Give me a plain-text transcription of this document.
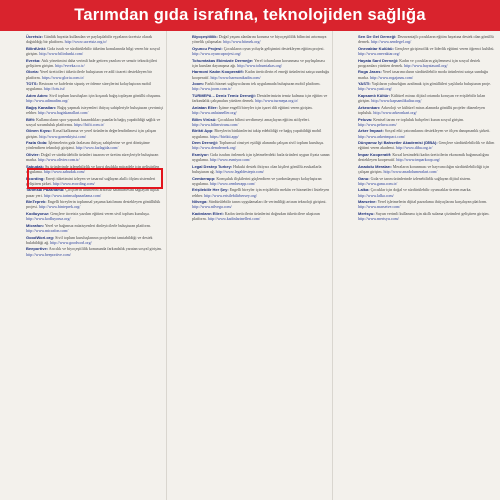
Tarımdan gıda israfına, teknolojiden sağlığa
Ücretsiz: Günlük hayatta kullanılan ve paylaşılabilir eşyaların ücretsiz olarak dağıtıldığı bir platform. http://www.ucretsiz.org.tr/
BilirdUnki: Gıda israfı ve sürdürülebilir tüketim konularında bilgi veren bir sosyal girişim. http://www.bilirdunki.com/
Evreka: Atık yönetimini daha verimli hale getiren yazılım ve sensör teknolojileri geliştiren girişim. http://evreka.co.tr/
Gloria: Yerel üreticileri tüketicilerle buluşturan ve adil ticareti destekleyen bir platform. https://www.gloria.com.tr/
TOTS: Restoran ve kafelerin sipariş ve ödeme süreçlerini kolaylaştıran mobil uygulama. http://tots.ist/
Adım Adım: Sivil toplum kuruluşları için koşarak bağış toplayan gönüllü oluşumu. http://www.adimadim.org/
Bağış Kanalları: Bağış yapmak isteyenleri ihtiyaç sahipleriyle buluşturan çevrimiçi rehber. http://www.bagiskanallari.com/
Bifit: Kullanıcıların spor yaparak kazandıkları puanlarla bağış yapabildiği sağlık ve sosyal sorumluluk platformu. https://bifit.com.tr/
Gönen Kıyısı: Kırsal kalkınma ve yerel ürünlerin değerlendirilmesi için çalışan girişim. http://www.gonenkiyisi.com/
Fazla Gıda: İşletmelerin gıda fazlasını ihtiyaç sahiplerine ve geri dönüşüme yönlendiren teknoloji girişimi. http://www.fazlagida.com/
Olivier: Doğal ve sürdürülebilir ürünleri tasarım ve üretim süreçleriyle buluşturan marka. http://www.olivier.com.tr/
Sabudak: Su ürünlerinde izlenebilirlik ve kayıt dışılıkla mücadele için geliştirilen uygulama. http://www.sabudak.com/
Ecording: Enerji tüketimini izleyen ve tasarruf sağlayan akıllı ölçüm sistemleri geliştiren şirket. http://www.ecording.com/
Tarımsal Pazarlama: Çiftçilerin ürünlerini aracısız satabilmesini sağlayan dijital pazar yeri. http://www.tarimsalpazarlama.com/
BinTeprek: Engelli bireylerin toplumsal yaşama katılımını destekleyen gönüllülük projesi. http://www.binteprek.org/
Kodluyoruz: Gençlere ücretsiz yazılım eğitimi veren sivil toplum kuruluşu. http://www.kodluyoruz.org/
Micrafon: Yerel ve bağımsız müzisyenleri dinleyicilerle buluşturan platform. http://www.micrafon.com/
GoodWorl.org: Sivil toplum kuruluşlarının projelerini tanıtabildiği ve destek bulabildiği ağ. http://www.goodworl.org/
Beeportive: Arıcılık ve biyoçeşitlilik konusunda farkındalık yaratan sosyal girişim. http://www.beeportive.com/
Biyoçeşitlilik: Doğal yaşam alanlarını koruma ve biyoçeşitlilik bilincini artırmaya yönelik çalışmalar. http://www.bitmek.org/
Oyuncu Projesi: Çocukların oyun yoluyla gelişimini destekleyen eğitim projesi. http://www.oyuncuprojesi.org/
Tohumtakas Ekimizde Dermeğe: Yerel tohumların korunması ve paylaşılması için kurulan dayanışma ağı. http://www.tohumtakas.org/
Harmoni Kadın Kooperatifi: Kadın üreticilerin el emeği ürünlerini satışa sunduğu kooperatif. http://www.harmonikadin.com/
Joom: Farklı hizmet sağlayıcılarını tek uygulamada buluşturan mobil platform. http://www.joom.com.tr/
TURMEPA – Deniz Temiz Derneği: Denizlerimizin temiz kalması için eğitim ve farkındalık çalışmaları yürüten dernek. http://www.turmepa.org.tr/
Anlatan Eller: İşitme engelli bireyler için işaret dili eğitimi veren girişim. http://www.anlataneller.org/
Bilim Virüsü: Çocuklara bilimi sevdirmeyi amaçlayan eğitim atölyeleri. http://www.bilimvirusu.com/
Birikti App: Bireylerin birikimlerini takip edebildiği ve bağış yapabildiği mobil uygulama. https://birikti.app/
Dem Derneği: Toplumsal cinsiyet eşitliği alanında çalışan sivil toplum kuruluşu. http://www.demdernek.org/
Esmiyor: Gıda israfını önlemek için işletmelerdeki fazla ürünleri uygun fiyata sunan uygulama. http://www.esmiyor.com/
Legal Destep Turkey: Hukuki destek ihtiyacı olan kişileri gönüllü avukatlarla buluşturan ağ. http://www.legaldesteptr.com/
Cemberapp: Komşuluk ilişkilerini güçlendiren ve yardımlaşmayı kolaylaştıran uygulama. http://www.cemberapp.com/
Erişilebilir Her Şey: Engelli bireyler için erişilebilir mekân ve hizmetleri listeleyen rehber. http://www.erisilebilirhersey.org/
Nilvega: Sürdürülebilir tarım uygulamaları ile verimliliği artıran teknoloji girişimi. http://www.nilvega.com/
Kadınların Elleri: Kadın üreticilerin ürünlerini doğrudan tüketicilere ulaştıran platform. http://www.kadinlarinelleri.com/
Sen De Gel Derneği: Dezavantajlı çocukların eğitim hayatına destek olan gönüllü dernek. http://www.sendegel.org/
Onevaktar Kulübü: Gençlere girişimcilik ve liderlik eğitimi veren öğrenci kulübü. http://www.onevaktar.org/
Hayata Sarıl Derneği: Kadın ve çocukların güçlenmesi için sosyal destek programları yürüten dernek. http://www.hayatasaril.org/
Roga Jasns: Yerel tasarımcıların sürdürülebilir moda ürünlerini satışa sunduğu marka. http://www.rogajasns.com/
YASTI: Yaşlıların yalnızlığını azaltmak için gönüllüleri yaşlılarla buluşturan proje. http://www.yasti.org/
Kapsamlı Kültür: Kültürel mirası dijital ortamda koruyan ve erişilebilir kılan girişim. http://www.kapsamlikultur.org/
Arkeonkarı: Arkeoloji ve kültürel miras alanında gönüllü projeler düzenleyen topluluk. http://www.arkeonkari.org/
Peluva: Kentsel tarım ve topluluk bahçeleri kuran sosyal girişim. http://www.peluva.com/
Arker İmpact: Sosyal etki yatırımlarını destekleyen ve ölçen danışmanlık şirketi. http://www.arkerimpact.com/
Dünyamız İyi Bahsetler Akademisi (DİBA): Gençlere sürdürülebilirlik ve iklim eğitimi veren akademi. http://www.diba.org.tr/
İmpar Kooperatif: Kırsal kesimdeki kadın üreticilerin ekonomik bağımsızlığını destekleyen kooperatif. http://www.imparkoop.org/
Anadolu Meraları: Meraların korunması ve hayvancılığın sürdürülebilirliği için çalışan girişim. http://www.anadolumeralari.com/
Ganu: Gıda ve tarım ürünlerinde izlenebilirlik sağlayan dijital sistem. http://www.ganu.com.tr/
Lalka: Çocuklar için doğal ve sürdürülebilir oyuncaklar üreten marka. http://www.lalka.com/
Marsetve: Yerel işletmelerin dijital pazarlama ihtiyaçlarını karşılayan platform. http://www.marsetve.com/
Mertsyu: Suyun verimli kullanımı için akıllı sulama çözümleri geliştiren girişim. http://www.mertsyu.com/
